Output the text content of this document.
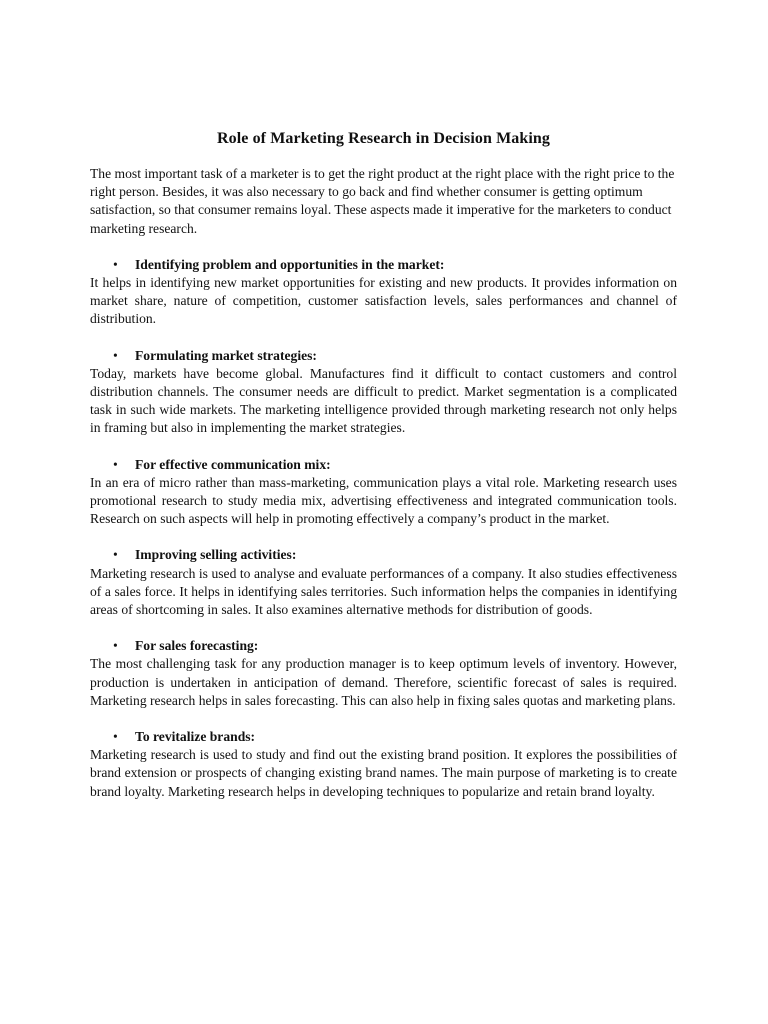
Role of Marketing Research in Decision Making

The most important task of a marketer is to get the right product at the right place with the right price to the right person. Besides, it was also necessary to go back and find whether consumer is getting optimum satisfaction, so that consumer remains loyal. These aspects made it imperative for the marketers to conduct marketing research.

•	Identifying problem and opportunities in the market:

It helps in identifying new market opportunities for existing and new products. It provides information on market share, nature of competition, customer satisfaction levels, sales performances and channel of distribution.

•	Formulating market strategies:

Today, markets have become global. Manufactures find it difficult to contact customers and control distribution channels. The consumer needs are difficult to predict. Market segmentation is a complicated task in such wide markets. The marketing intelligence provided through marketing research not only helps in framing but also in implementing the market strategies.

•	For effective communication mix:

In an era of micro rather than mass-marketing, communication plays a vital role. Marketing research uses promotional research to study media mix, advertising effectiveness and integrated communication tools. Research on such aspects will help in promoting effectively a company’s product in the market.

•	Improving selling activities:

Marketing research is used to analyse and evaluate performances of a company. It also studies effectiveness of a sales force. It helps in identifying sales territories. Such information helps the companies in identifying areas of shortcoming in sales. It also examines alternative methods for distribution of goods.

•	For sales forecasting:

The most challenging task for any production manager is to keep optimum levels of inventory. However, production is undertaken in anticipation of demand. Therefore, scientific forecast of sales is required. Marketing research helps in sales forecasting. This can also help in fixing sales quotas and marketing plans.

•	To revitalize brands:

Marketing research is used to study and find out the existing brand position. It explores the possibilities of brand extension or prospects of changing existing brand names. The main purpose of marketing is to create brand loyalty. Marketing research helps in developing techniques to popularize and retain brand loyalty.
